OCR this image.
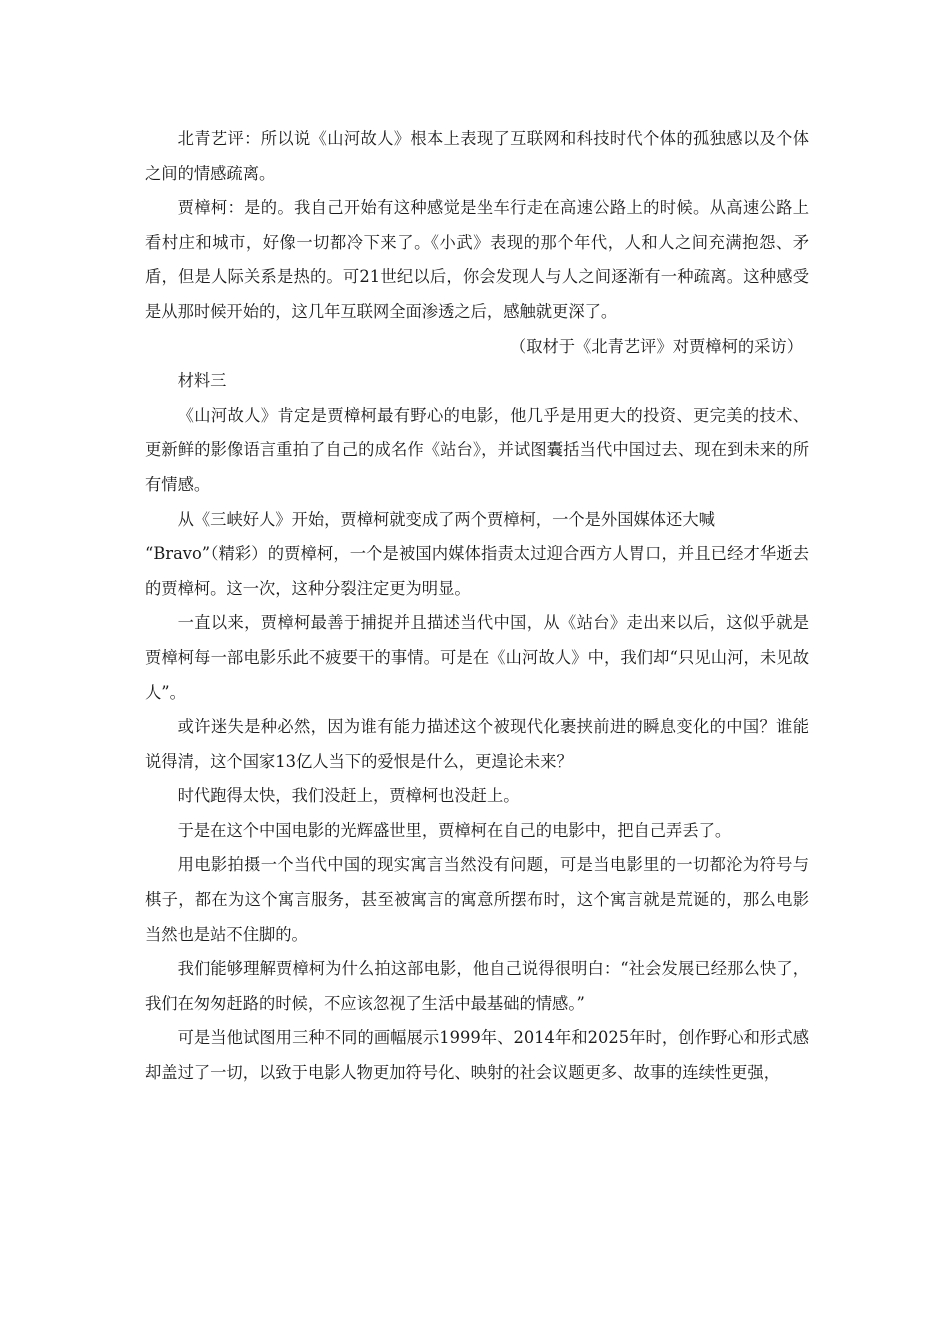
北青艺评：所以说《山河故人》根本上表现了互联网和科技时代个体的孤独感以及个体之间的情感疏离。

贾樟柯：是的。我自己开始有这种感觉是坐车行走在高速公路上的时候。从高速公路上看村庄和城市，好像一切都冷下来了。《小武》表现的那个年代，人和人之间充满抱怨、矛盾，但是人际关系是热的。可21世纪以后，你会发现人与人之间逐渐有一种疏离。这种感受是从那时候开始的，这几年互联网全面渗透之后，感触就更深了。

（取材于《北青艺评》对贾樟柯的采访）

材料三

《山河故人》肯定是贾樟柯最有野心的电影，他几乎是用更大的投资、更完美的技术、更新鲜的影像语言重拍了自己的成名作《站台》，并试图囊括当代中国过去、现在到未来的所有情感。

从《三峡好人》开始，贾樟柯就变成了两个贾樟柯，一个是外国媒体还大喊

“Bravo”（精彩）的贾樟柯，一个是被国内媒体指责太过迎合西方人胃口，并且已经才华逝去的贾樟柯。这一次，这种分裂注定更为明显。

一直以来，贾樟柯最善于捕捉并且描述当代中国，从《站台》走出来以后，这似乎就是贾樟柯每一部电影乐此不疲要干的事情。可是在《山河故人》中，我们却“只见山河，未见故人”。

或许迷失是种必然，因为谁有能力描述这个被现代化裹挟前进的瞬息变化的中国？谁能说得清，这个国家13亿人当下的爱恨是什么，更遑论未来？

时代跑得太快，我们没赶上，贾樟柯也没赶上。

于是在这个中国电影的光辉盛世里，贾樟柯在自己的电影中，把自己弄丢了。

用电影拍摄一个当代中国的现实寓言当然没有问题，可是当电影里的一切都沦为符号与棋子，都在为这个寓言服务，甚至被寓言的寓意所摆布时，这个寓言就是荒诞的，那么电影当然也是站不住脚的。

我们能够理解贾樟柯为什么拍这部电影，他自己说得很明白：“社会发展已经那么快了，我们在匆匆赶路的时候，不应该忽视了生活中最基础的情感。”

可是当他试图用三种不同的画幅展示1999年、2014年和2025年时，创作野心和形式感却盖过了一切，以致于电影人物更加符号化、映射的社会议题更多、故事的连续性更强，
